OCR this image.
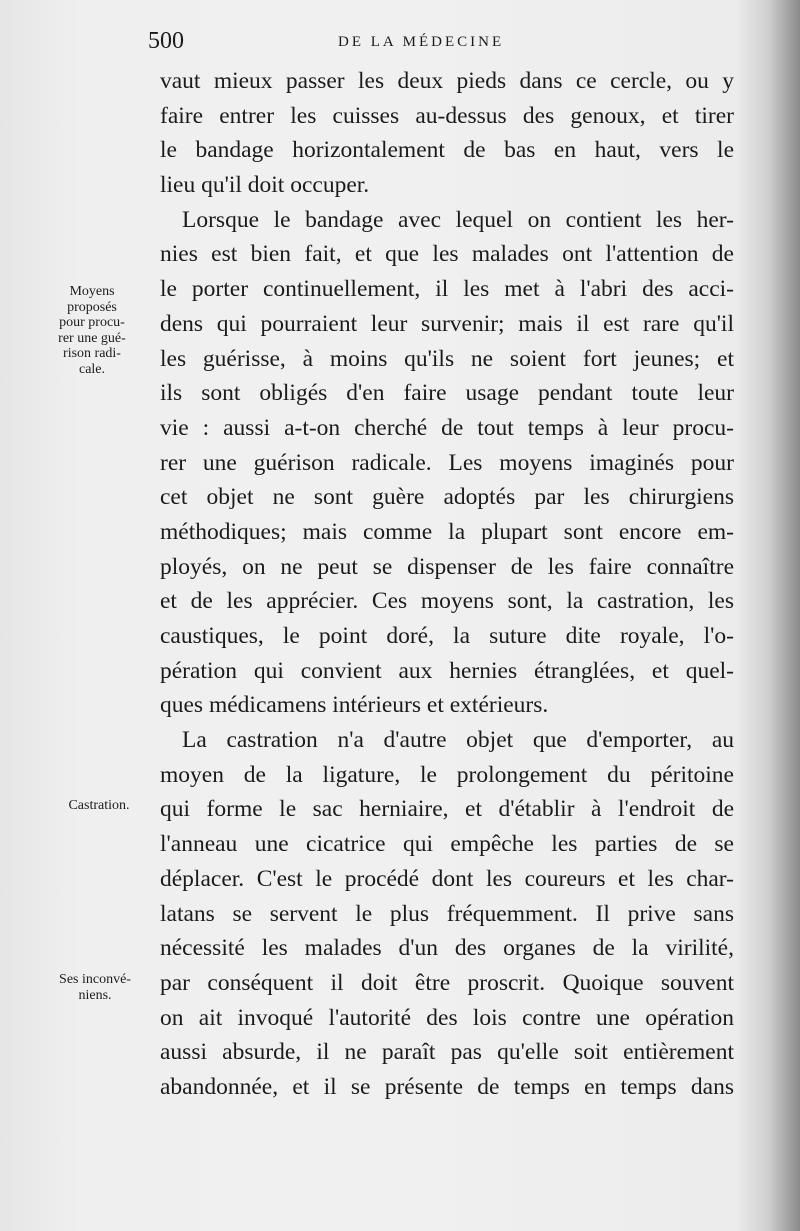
500	DE LA MÉDECINE
Moyens
proposés
pour procu-
rer une gué-
rison radi-
cale.
Castration.
Ses inconvé-
niens.
vaut mieux passer les deux pieds dans ce cercle, ou y
faire entrer les cuisses au-dessus des genoux, et tirer
le bandage horizontalement de bas en haut, vers le
lieu qu'il doit occuper.
Lorsque le bandage avec lequel on contient les her-
nies est bien fait, et que les malades ont l'attention de
le porter continuellement, il les met à l'abri des acci-
dens qui pourraient leur survenir; mais il est rare qu'il
les guérisse, à moins qu'ils ne soient fort jeunes; et
ils sont obligés d'en faire usage pendant toute leur
vie : aussi a-t-on cherché de tout temps à leur procu-
rer une guérison radicale. Les moyens imaginés pour
cet objet ne sont guère adoptés par les chirurgiens
méthodiques; mais comme la plupart sont encore em-
ployés, on ne peut se dispenser de les faire connaître
et de les apprécier. Ces moyens sont, la castration, les
caustiques, le point doré, la suture dite royale, l'o-
pération qui convient aux hernies étranglées, et quel-
ques médicamens intérieurs et extérieurs.
La castration n'a d'autre objet que d'emporter, au
moyen de la ligature, le prolongement du péritoine
qui forme le sac herniaire, et d'établir à l'endroit de
l'anneau une cicatrice qui empêche les parties de se
déplacer. C'est le procédé dont les coureurs et les char-
latans se servent le plus fréquemment. Il prive sans
nécessité les malades d'un des organes de la virilité,
par conséquent il doit être proscrit. Quoique souvent
on ait invoqué l'autorité des lois contre une opération
aussi absurde, il ne paraît pas qu'elle soit entièrement
abandonnée, et il se présente de temps en temps dans
